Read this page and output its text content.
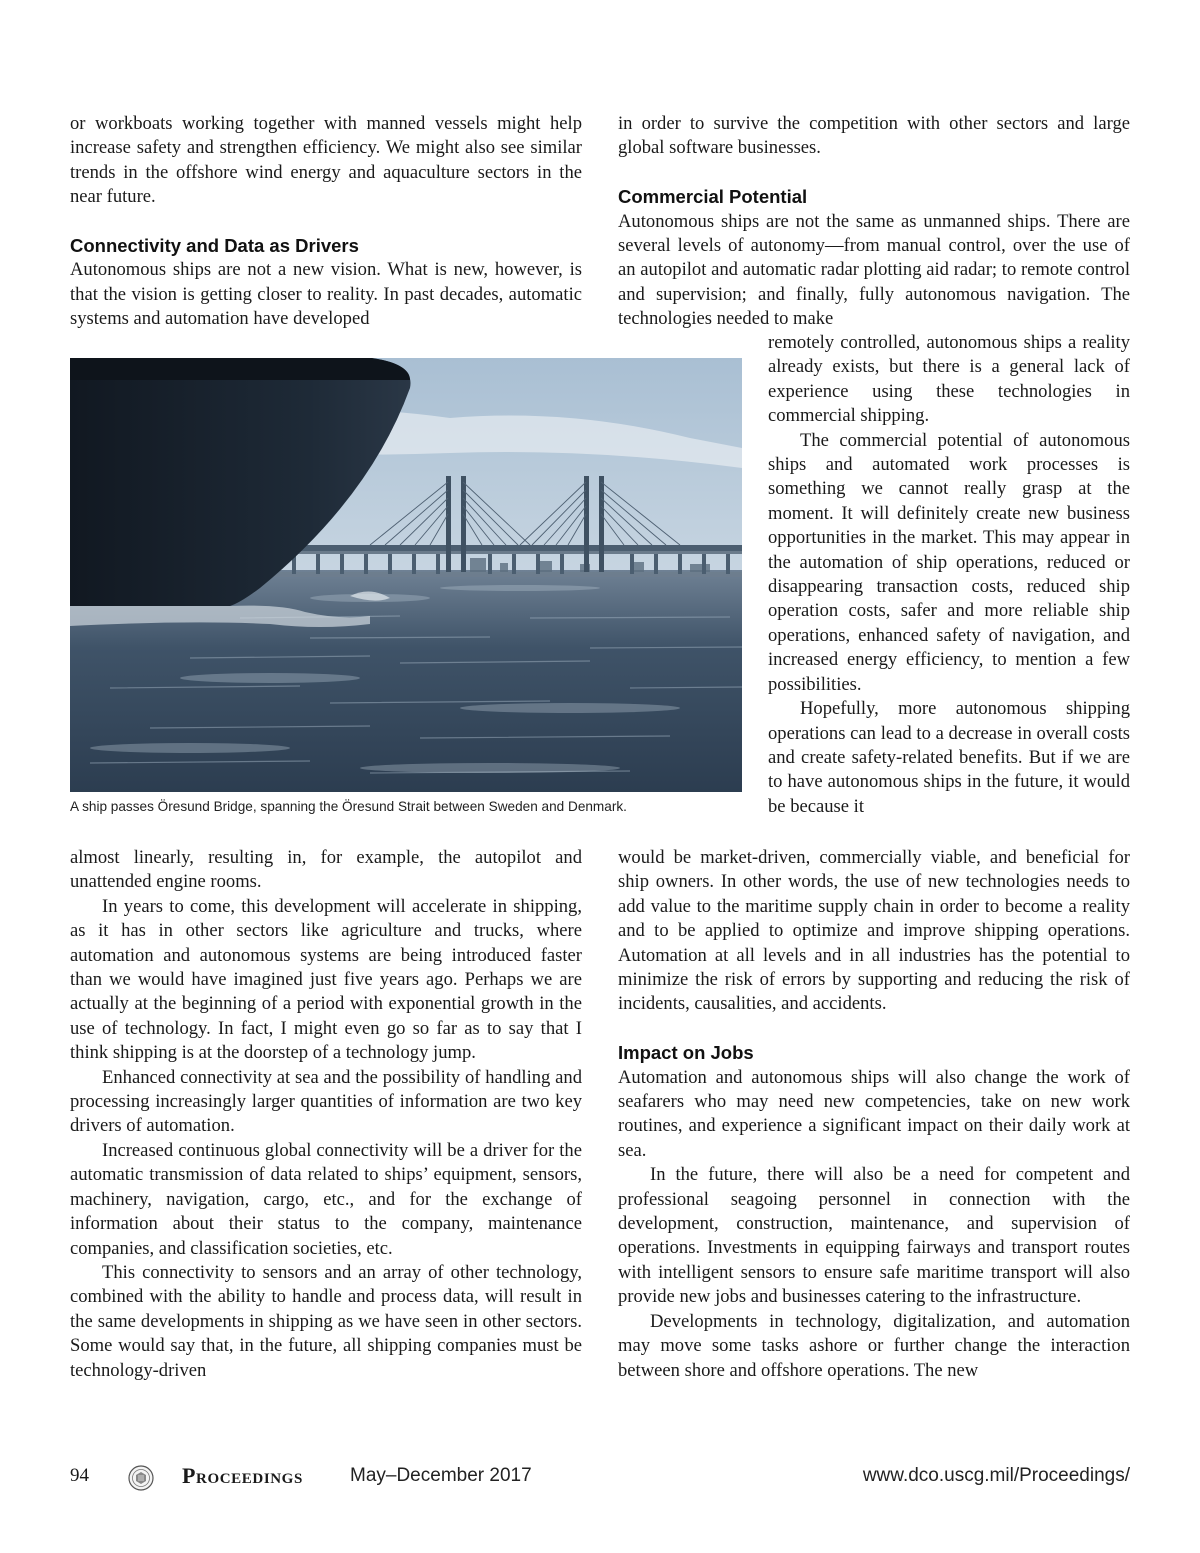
or workboats working together with manned vessels might help increase safety and strengthen efficiency. We might also see similar trends in the offshore wind energy and aquaculture sectors in the near future.

Connectivity and Data as Drivers

Autonomous ships are not a new vision. What is new, however, is that the vision is getting closer to reality. In past decades, automatic systems and automation have developed

in order to survive the competition with other sectors and large global software businesses.

Commercial Potential

Autonomous ships are not the same as unmanned ships. There are several levels of autonomy—from manual control, over the use of an autopilot and automatic radar plotting aid radar; to remote control and supervision; and finally, fully autonomous navigation. The technologies needed to make

remotely controlled, autonomous ships a reality already exists, but there is a general lack of experience using these technologies in commercial shipping.

The commercial potential of autonomous ships and automated work processes is something we cannot really grasp at the moment. It will definitely create new business opportunities in the market. This may appear in the automation of ship operations, reduced or disappearing transaction costs, reduced ship operation costs, safer and more reliable ship operations, enhanced safety of navigation, and increased energy efficiency, to mention a few possibilities.

Hopefully, more autonomous shipping operations can lead to a decrease in overall costs and create safety-related benefits. But if we are to have autonomous ships in the future, it would be because it

A ship passes Öresund Bridge, spanning the Öresund Strait between Sweden and Denmark.

almost linearly, resulting in, for example, the autopilot and unattended engine rooms.

In years to come, this development will accelerate in shipping, as it has in other sectors like agriculture and trucks, where automation and autonomous systems are being introduced faster than we would have imagined just five years ago. Perhaps we are actually at the beginning of a period with exponential growth in the use of technology. In fact, I might even go so far as to say that I think shipping is at the doorstep of a technology jump.

Enhanced connectivity at sea and the possibility of handling and processing increasingly larger quantities of information are two key drivers of automation.

Increased continuous global connectivity will be a driver for the automatic transmission of data related to ships’ equipment, sensors, machinery, navigation, cargo, etc., and for the exchange of information about their status to the company, maintenance companies, and classification societies, etc.

This connectivity to sensors and an array of other technology, combined with the ability to handle and process data, will result in the same developments in shipping as we have seen in other sectors. Some would say that, in the future, all shipping companies must be technology-driven

would be market-driven, commercially viable, and beneficial for ship owners. In other words, the use of new technologies needs to add value to the maritime supply chain in order to become a reality and to be applied to optimize and improve shipping operations. Automation at all levels and in all industries has the potential to minimize the risk of errors by supporting and reducing the risk of incidents, causalities, and accidents.

Impact on Jobs

Automation and autonomous ships will also change the work of seafarers who may need new competencies, take on new work routines, and experience a significant impact on their daily work at sea.

In the future, there will also be a need for competent and professional seagoing personnel in connection with the development, construction, maintenance, and supervision of operations. Investments in equipping fairways and transport routes with intelligent sensors to ensure safe maritime transport will also provide new jobs and businesses catering to the infrastructure.

Developments in technology, digitalization, and automation may move some tasks ashore or further change the interaction between shore and offshore operations. The new

94	Proceedings May–December 2017	www.dco.uscg.mil/Proceedings/
